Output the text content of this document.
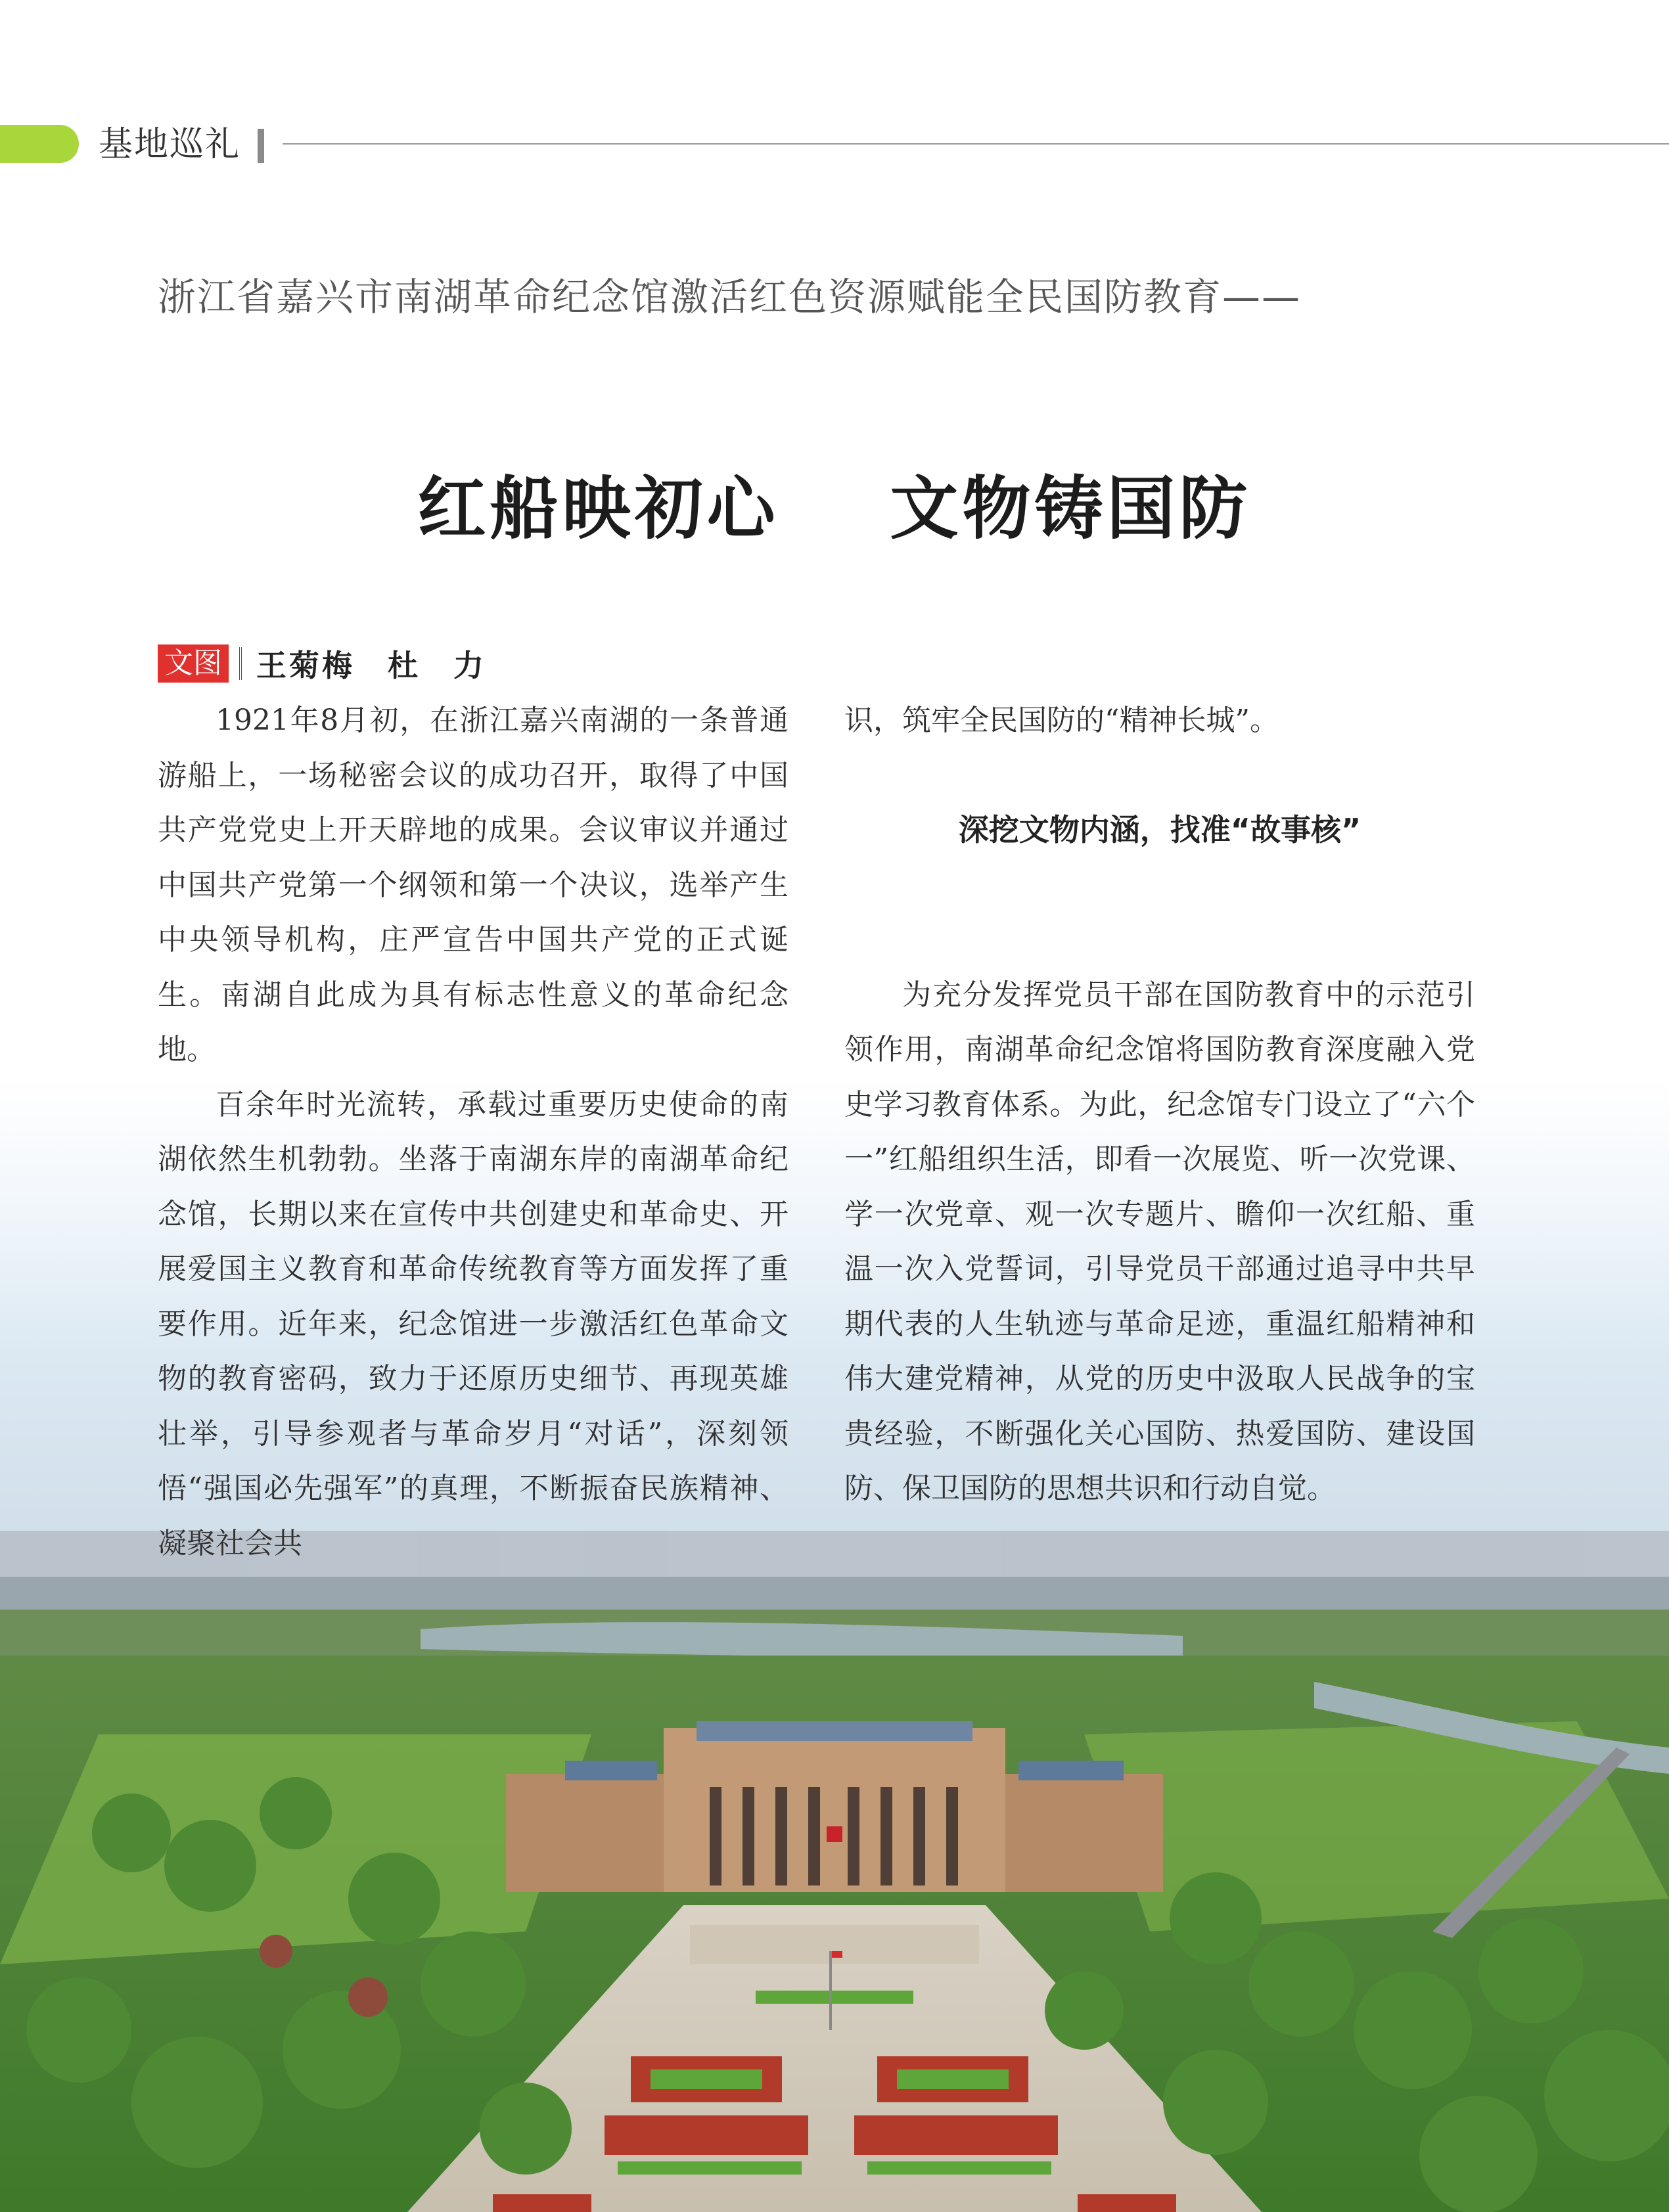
基地巡礼
浙江省嘉兴市南湖革命纪念馆激活红色资源赋能全民国防教育——
红船映初心    文物铸国防
文图 王菊梅　杜　力

1921年8月初，在浙江嘉兴南湖的一条普通游船上，一场秘密会议的成功召开，取得了中国共产党党史上开天辟地的成果。会议审议并通过中国共产党第一个纲领和第一个决议，选举产生中央领导机构，庄严宣告中国共产党的正式诞生。南湖自此成为具有标志性意义的革命纪念地。

百余年时光流转，承载过重要历史使命的南湖依然生机勃勃。坐落于南湖东岸的南湖革命纪念馆，长期以来在宣传中共创建史和革命史、开展爱国主义教育和革命传统教育等方面发挥了重要作用。近年来，纪念馆进一步激活红色革命文物的教育密码，致力于还原历史细节、再现英雄壮举，引导参观者与革命岁月“对话”，深刻领悟“强国必先强军”的真理，不断振奋民族精神、凝聚社会共

识，筑牢全民国防的“精神长城”。

深挖文物内涵，找准“故事核”

为充分发挥党员干部在国防教育中的示范引领作用，南湖革命纪念馆将国防教育深度融入党史学习教育体系。为此，纪念馆专门设立了“六个一”红船组织生活，即看一次展览、听一次党课、学一次党章、观一次专题片、瞻仰一次红船、重温一次入党誓词，引导党员干部通过追寻中共早期代表的人生轨迹与革命足迹，重温红船精神和伟大建党精神，从党的历史中汲取人民战争的宝贵经验，不断强化关心国防、热爱国防、建设国防、保卫国防的思想共识和行动自觉。
